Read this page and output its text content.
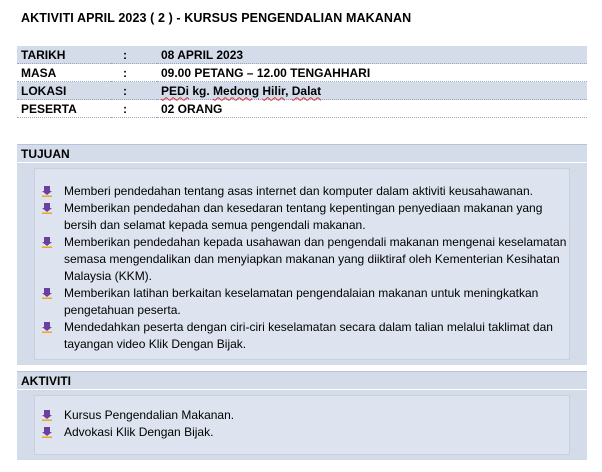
AKTIVITI APRIL 2023 ( 2 ) - KURSUS PENGENDALIAN MAKANAN
TARIKH	:	08 APRIL 2023
MASA	:	09.00 PETANG – 12.00 TENGAHHARI
LOKASI	:	PEDi kg. Medong Hilir, Dalat
PESERTA	:	02 ORANG
TUJUAN
Memberi pendedahan tentang asas internet dan komputer dalam aktiviti keusahawanan.
Memberikan pendedahan dan kesedaran tentang kepentingan penyediaan makanan yang bersih dan selamat kepada semua pengendali makanan.
Memberikan pendedahan kepada usahawan dan pengendali makanan mengenai keselamatan semasa mengendalikan dan menyiapkan makanan yang diiktiraf oleh Kementerian Kesihatan Malaysia (KKM).
Memberikan latihan berkaitan keselamatan pengendalaian makanan untuk meningkatkan pengetahuan peserta.
Mendedahkan peserta dengan ciri-ciri keselamatan secara dalam talian melalui taklimat dan tayangan video Klik Dengan Bijak.
AKTIVITI
Kursus Pengendalian Makanan.
Advokasi Klik Dengan Bijak.
